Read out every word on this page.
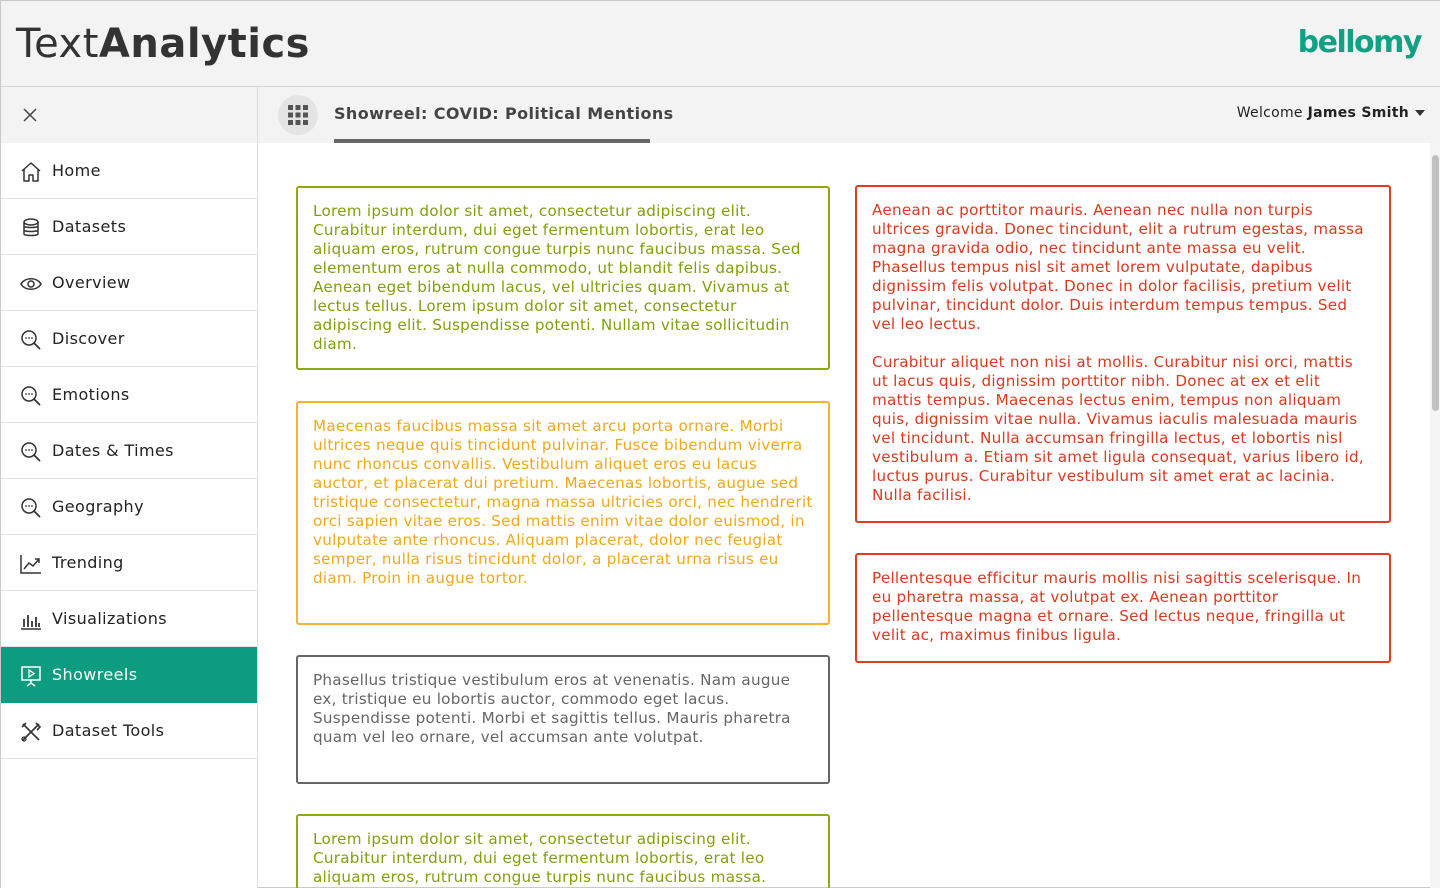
TextAnalytics	bellomy
Home
Datasets
Overview
Discover
Emotions
Dates & Times
Geography
Trending
Visualizations
Showreels
Dataset Tools
Showreel: COVID: Political Mentions	Welcome James Smith

Lorem ipsum dolor sit amet, consectetur adipiscing elit. Curabitur interdum, dui eget fermentum lobortis, erat leo aliquam eros, rutrum congue turpis nunc faucibus massa. Sed elementum eros at nulla commodo, ut blandit felis dapibus. Aenean eget bibendum lacus, vel ultricies quam. Vivamus at lectus tellus. Lorem ipsum dolor sit amet, consectetur adipiscing elit. Suspendisse potenti. Nullam vitae sollicitudin diam.

Maecenas faucibus massa sit amet arcu porta ornare. Morbi ultrices neque quis tincidunt pulvinar. Fusce bibendum viverra nunc rhoncus convallis. Vestibulum aliquet eros eu lacus auctor, et placerat dui pretium. Maecenas lobortis, augue sed tristique consectetur, magna massa ultricies orci, nec hendrerit orci sapien vitae eros. Sed mattis enim vitae dolor euismod, in vulputate ante rhoncus. Aliquam placerat, dolor nec feugiat semper, nulla risus tincidunt dolor, a placerat urna risus eu diam. Proin in augue tortor.

Phasellus tristique vestibulum eros at venenatis. Nam augue ex, tristique eu lobortis auctor, commodo eget lacus. Suspendisse potenti. Morbi et sagittis tellus. Mauris pharetra quam vel leo ornare, vel accumsan ante volutpat.

Lorem ipsum dolor sit amet, consectetur adipiscing elit. Curabitur interdum, dui eget fermentum lobortis, erat leo aliquam eros, rutrum congue turpis nunc faucibus massa.

Aenean ac porttitor mauris. Aenean nec nulla non turpis ultrices gravida. Donec tincidunt, elit a rutrum egestas, massa magna gravida odio, nec tincidunt ante massa eu velit. Phasellus tempus nisl sit amet lorem vulputate, dapibus dignissim felis volutpat. Donec in dolor facilisis, pretium velit pulvinar, tincidunt dolor. Duis interdum tempus tempus. Sed vel leo lectus.

Curabitur aliquet non nisi at mollis. Curabitur nisi orci, mattis ut lacus quis, dignissim porttitor nibh. Donec at ex et elit mattis tempus. Maecenas lectus enim, tempus non aliquam quis, dignissim vitae nulla. Vivamus iaculis malesuada mauris vel tincidunt. Nulla accumsan fringilla lectus, et lobortis nisl vestibulum a. Etiam sit amet ligula consequat, varius libero id, luctus purus. Curabitur vestibulum sit amet erat ac lacinia. Nulla facilisi.

Pellentesque efficitur mauris mollis nisi sagittis scelerisque. In eu pharetra massa, at volutpat ex. Aenean porttitor pellentesque magna et ornare. Sed lectus neque, fringilla ut velit ac, maximus finibus ligula.
